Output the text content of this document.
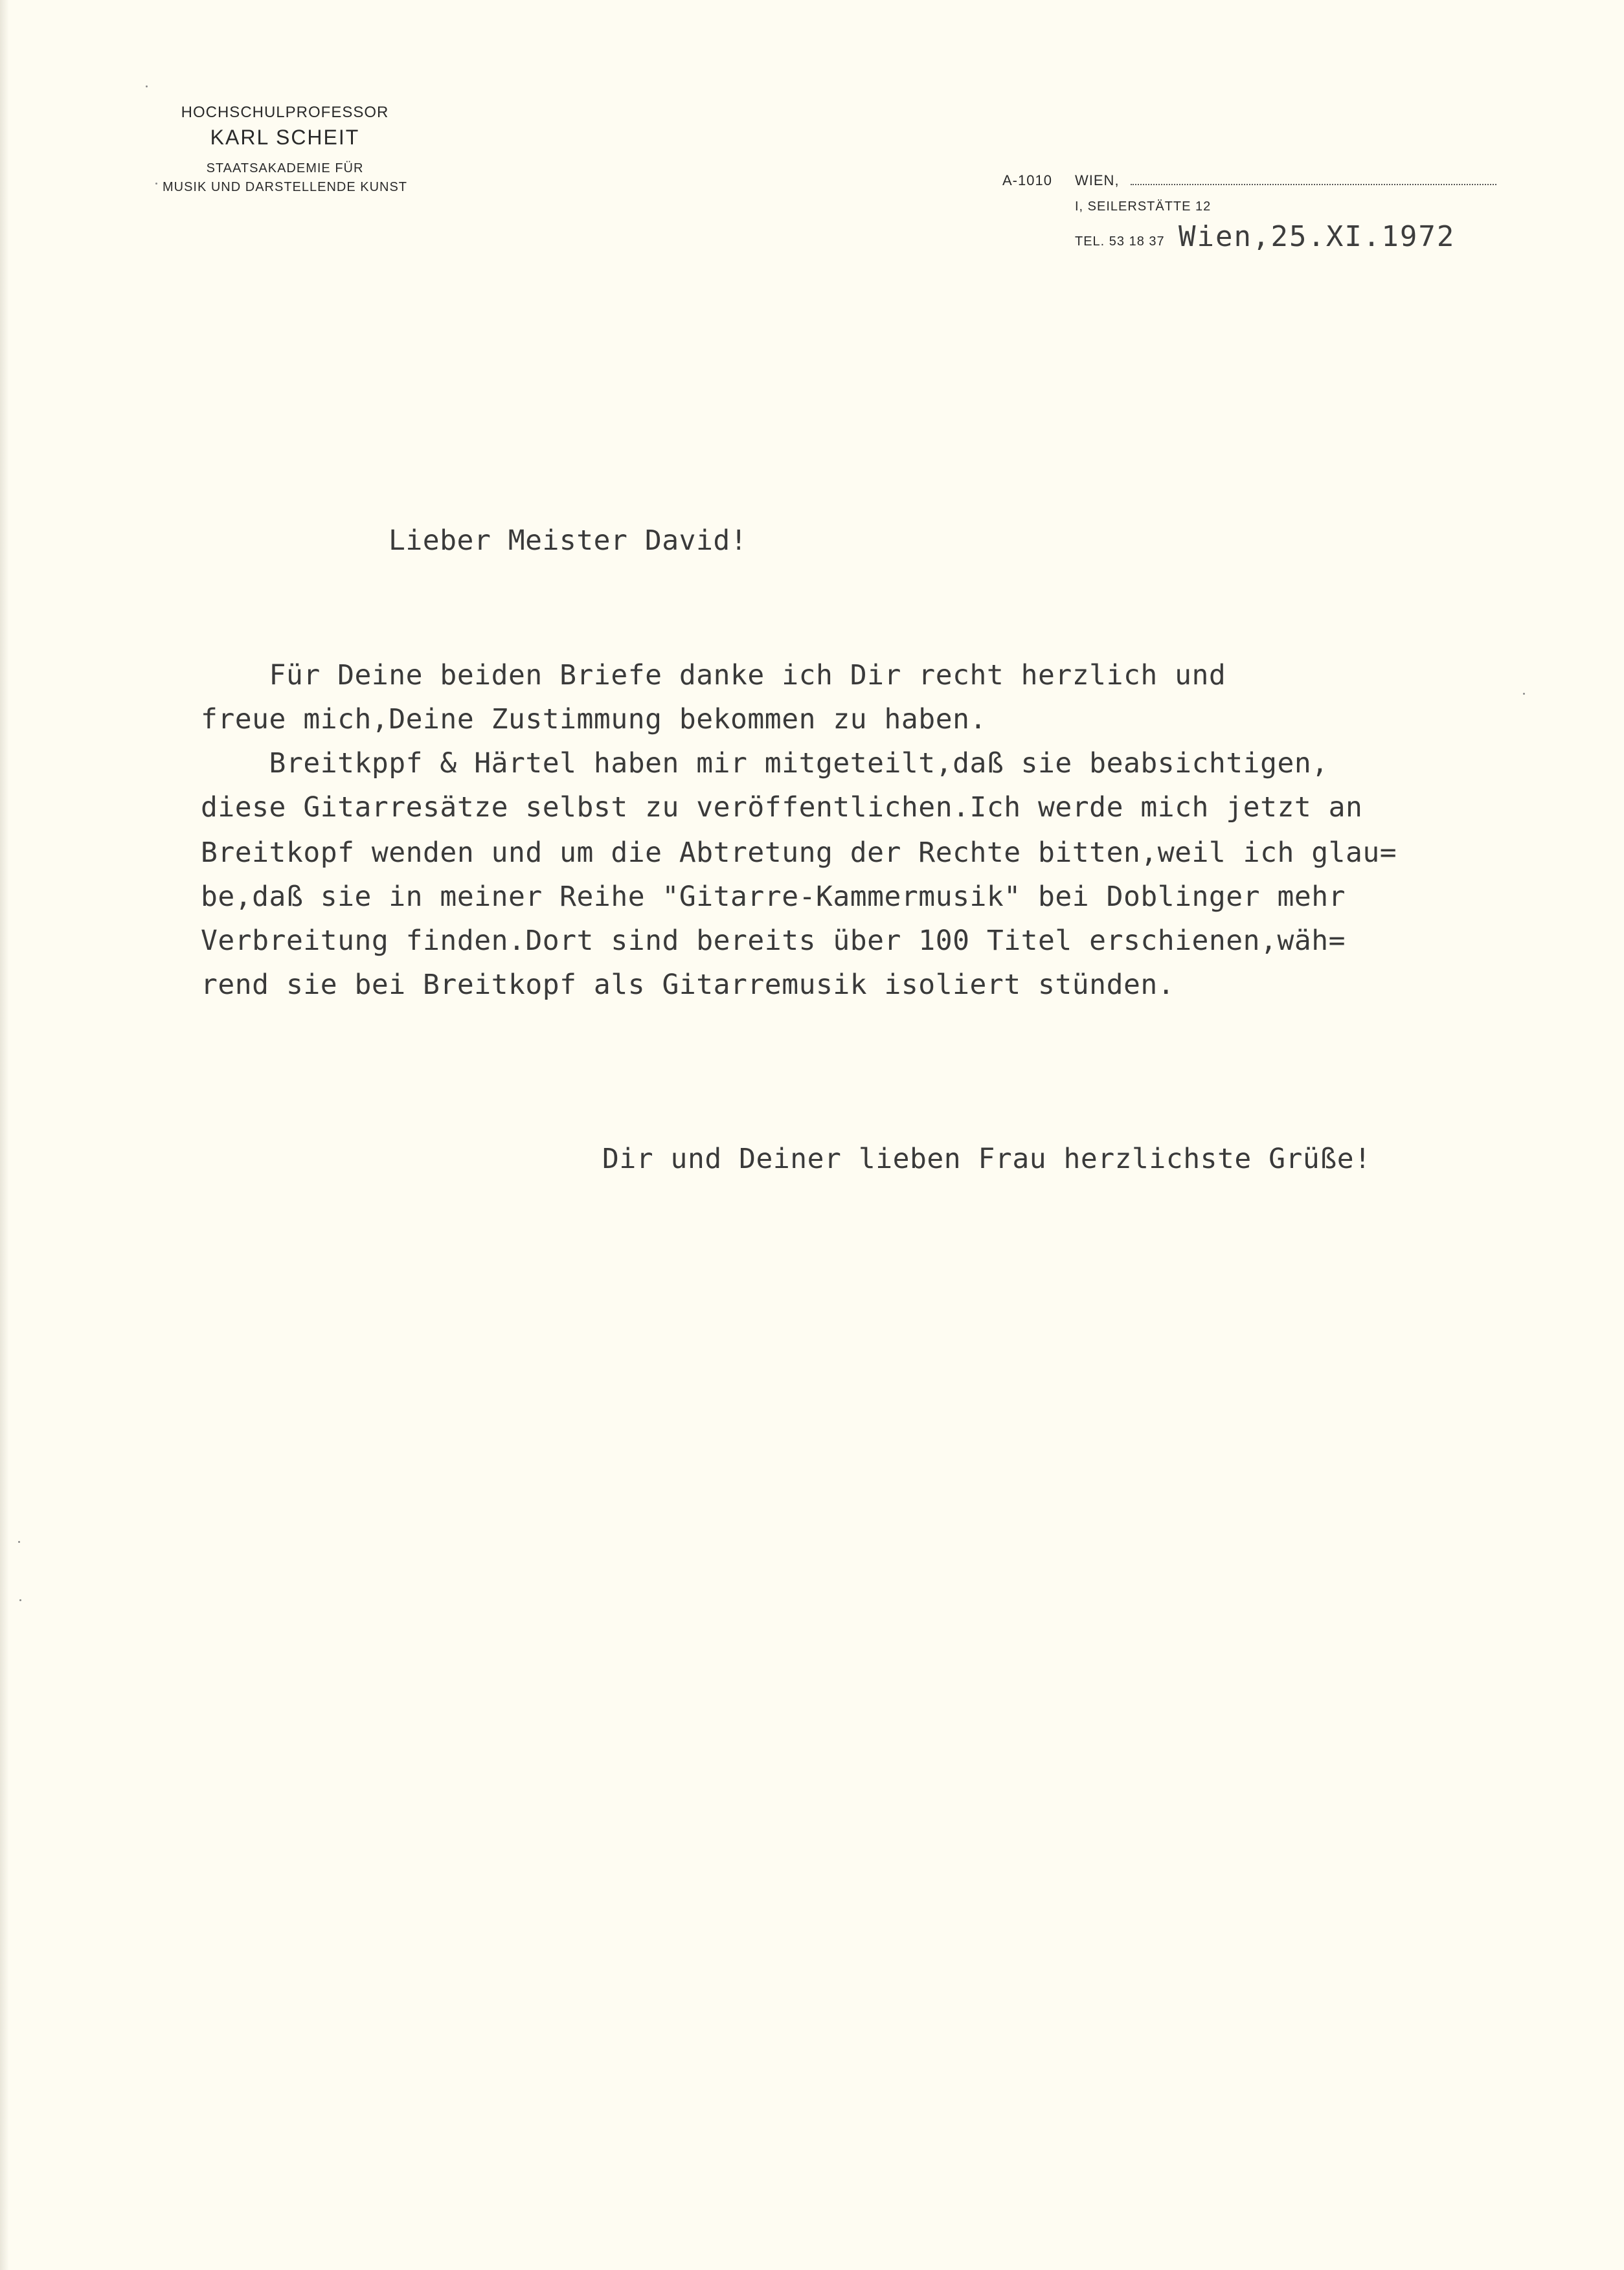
HOCHSCHULPROFESSOR
KARL SCHEIT
STAATSAKADEMIE FÜR
MUSIK UND DARSTELLENDE KUNST	A-1010 WIEN,
I, SEILERSTÄTTE 12
TEL. 53 18 37 Wien,25.XI.1972
Lieber Meister David!
Für Deine beiden Briefe danke ich Dir recht herzlich und
freue mich,Deine Zustimmung bekommen zu haben.
Breitkppf & Härtel haben mir mitgeteilt,daß sie beabsichtigen,
diese Gitarresätze selbst zu veröffentlichen.Ich werde mich jetzt an
Breitkopf wenden und um die Abtretung der Rechte bitten,weil ich glau=
be,daß sie in meiner Reihe "Gitarre-Kammermusik" bei Doblinger mehr
Verbreitung finden.Dort sind bereits über 100 Titel erschienen,wäh=
rend sie bei Breitkopf als Gitarremusik isoliert stünden.
Dir und Deiner lieben Frau herzlichste Grüße!
